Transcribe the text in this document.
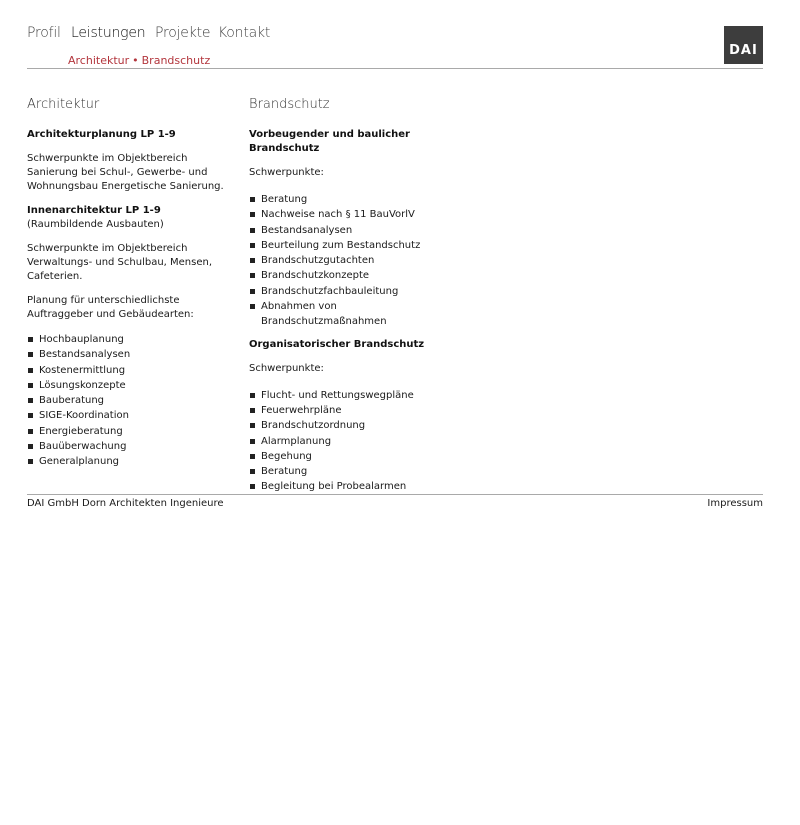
Profil Leistungen Projekte Kontakt
Architektur • Brandschutz
DAI
Architektur
Architekturplanung LP 1-9

Schwerpunkte im Objektbereich Sanierung bei Schul-, Gewerbe- und Wohnungsbau Energetische Sanierung.

Innenarchitektur LP 1-9

(Raumbildende Ausbauten)

Schwerpunkte im Objektbereich Verwaltungs- und Schulbau, Mensen, Cafeterien.

Planung für unterschiedlichste Auftraggeber und Gebäudearten:

Hochbauplanung
Bestandsanalysen
Kostenermittlung
Lösungskonzepte
Bauberatung
SIGE-Koordination
Energieberatung
Bauüberwachung
Generalplanung
Brandschutz
Vorbeugender und baulicher Brandschutz

Schwerpunkte:

Beratung
Nachweise nach § 11 BauVorlV
Bestandsanalysen
Beurteilung zum Bestandschutz
Brandschutzgutachten
Brandschutzkonzepte
Brandschutzfachbauleitung
Abnahmen von Brandschutzmaßnahmen
Organisatorischer Brandschutz

Schwerpunkte:

Flucht- und Rettungswegpläne
Feuerwehrpläne
Brandschutzordnung
Alarmplanung
Begehung
Beratung
Begleitung bei Probealarmen
DAI GmbH Dorn Architekten Ingenieure	Impressum
